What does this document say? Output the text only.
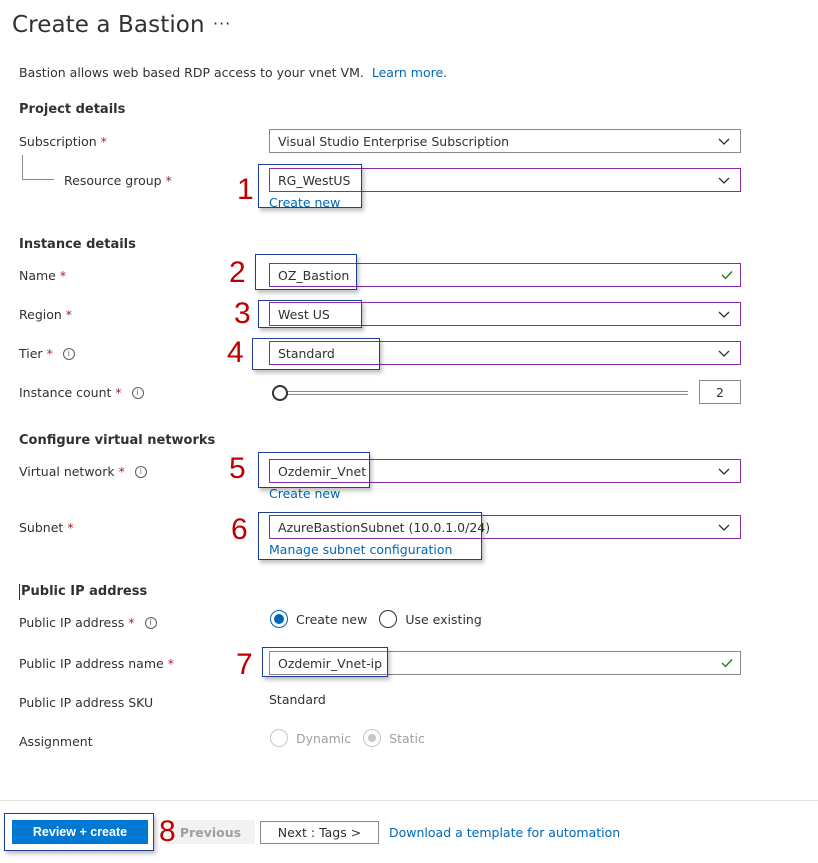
Create a Bastion ···
Bastion allows web based RDP access to your vnet VM. Learn more.
Project details
Subscription *	Visual Studio Enterprise Subscription
Resource group *	RG_WestUS
Create new
Instance details
Name *	OZ_Bastion
Region *	West US
Tier *	i	Standard
Instance count *	i	2
Configure virtual networks
Virtual network *	i	Ozdemir_Vnet
Create new
Subnet *	AzureBastionSubnet (10.0.1.0/24)
Manage subnet configuration
Public IP address
Public IP address *	i	Create new	Use existing
Public IP address name *	Ozdemir_Vnet-ip
Public IP address SKU	Standard
Assignment	Dynamic	Static
Review + create	Previous	Next : Tags >	Download a template for automation
1
2
3
4
5
6
7
8
